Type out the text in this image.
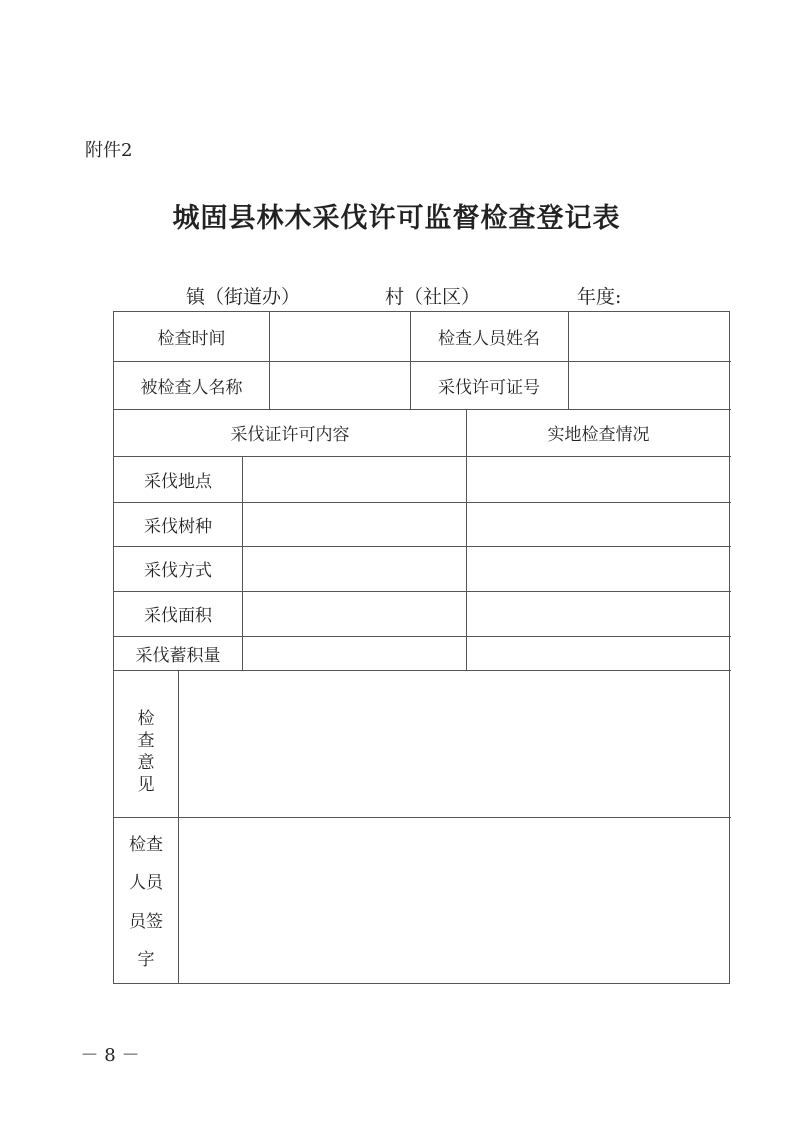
附件2
城固县林木采伐许可监督检查登记表
镇（街道办）	村（社区）	年度:
检查时间	检查人员姓名
被检查人名称	采伐许可证号
采伐证许可内容	实地检查情况
采伐地点
采伐树种
采伐方式
采伐面积
采伐蓄积量
检查意见
检查
人员
员签
字
－ 8 －
